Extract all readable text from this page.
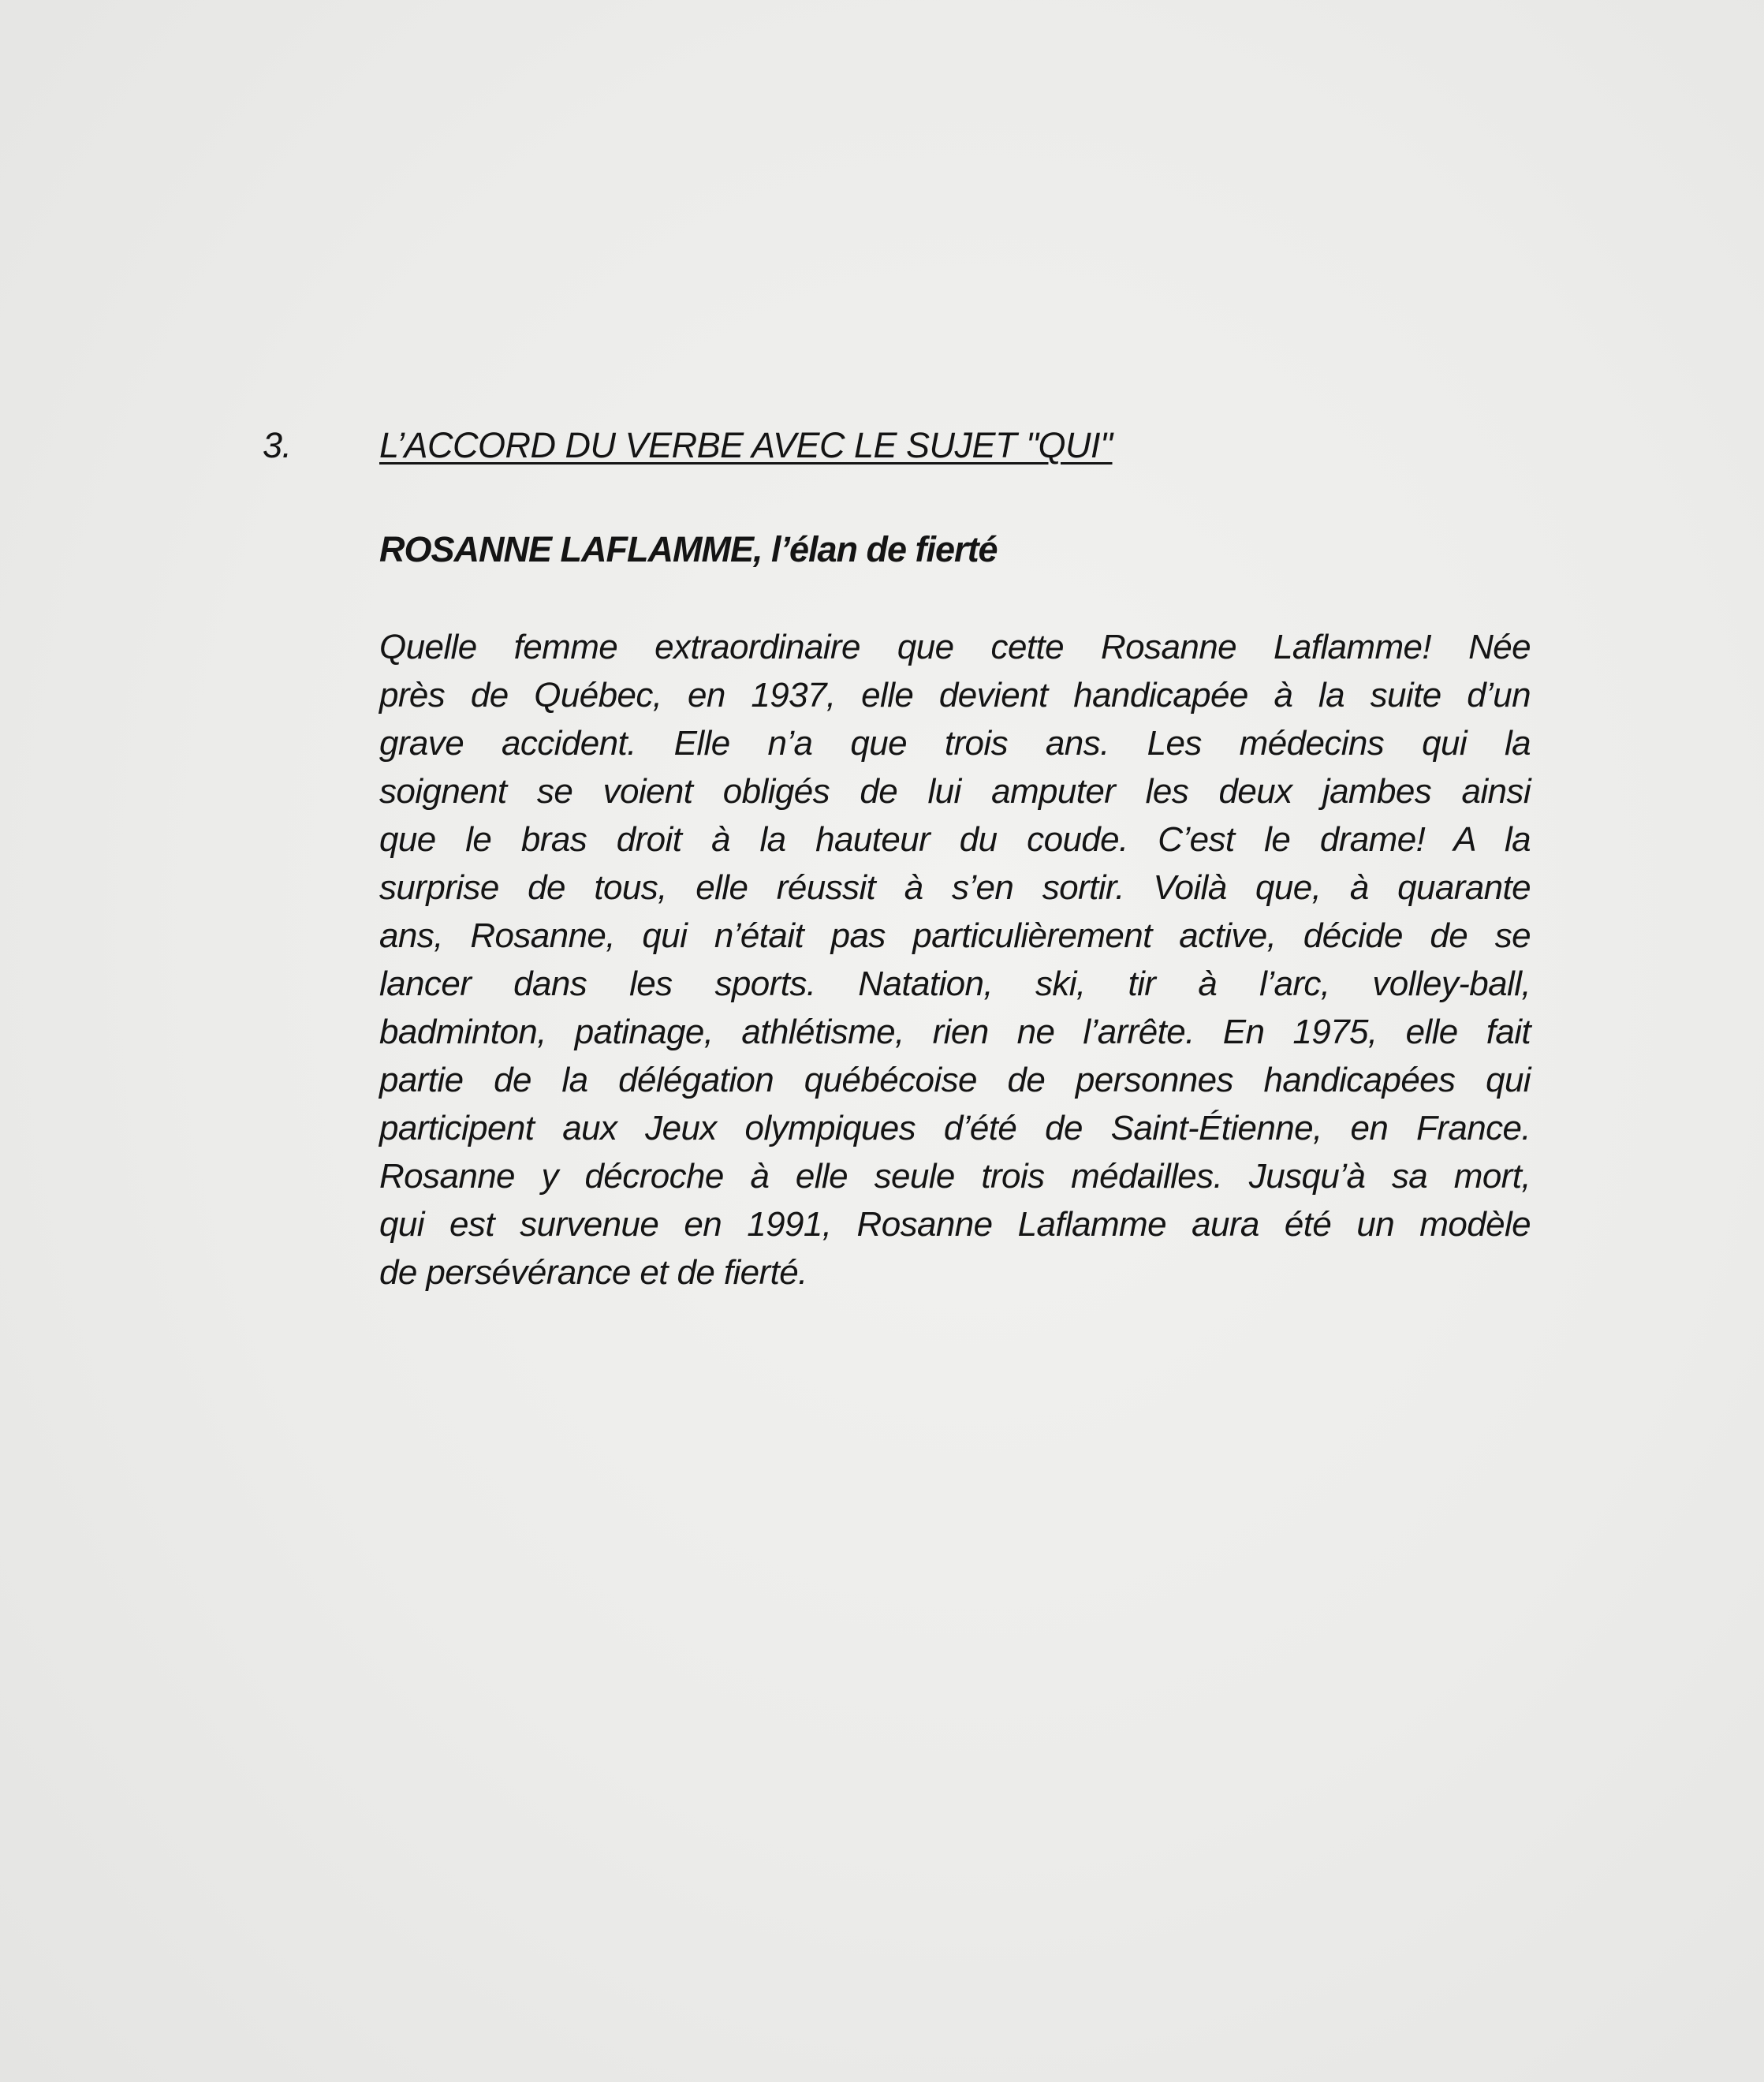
3. L’ACCORD DU VERBE AVEC LE SUJET "QUI"
ROSANNE LAFLAMME, l’élan de fierté
Quelle femme extraordinaire que cette Rosanne Laflamme! Née
près de Québec, en 1937, elle devient handicapée à la suite d’un
grave accident. Elle n’a que trois ans. Les médecins qui la
soignent se voient obligés de lui amputer les deux jambes ainsi
que le bras droit à la hauteur du coude. C’est le drame! A la
surprise de tous, elle réussit à s’en sortir. Voilà que, à quarante
ans, Rosanne, qui n’était pas particulièrement active, décide de se
lancer dans les sports. Natation, ski, tir à l’arc, volley-ball,
badminton, patinage, athlétisme, rien ne l’arrête. En 1975, elle fait
partie de la délégation québécoise de personnes handicapées qui
participent aux Jeux olympiques d’été de Saint-Étienne, en France.
Rosanne y décroche à elle seule trois médailles. Jusqu’à sa mort,
qui est survenue en 1991, Rosanne Laflamme aura été un modèle
de persévérance et de fierté.
